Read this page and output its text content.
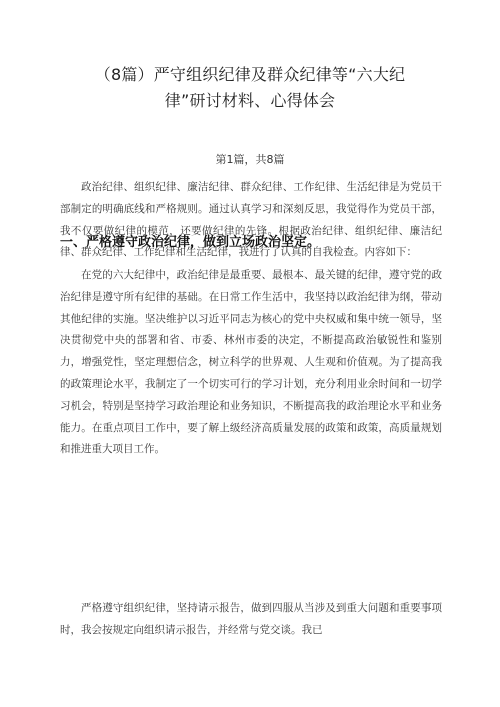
（8篇）严守组织纪律及群众纪律等“六大纪律”研讨材料、心得体会
第1篇，共8篇
政治纪律、组织纪律、廉洁纪律、群众纪律、工作纪律、生活纪律是为党员干部制定的明确底线和严格规则。通过认真学习和深刻反思，我觉得作为党员干部，我不仅要做纪律的模范，还要做纪律的先锋。根据政治纪律、组织纪律、廉洁纪律、群众纪律、工作纪律和生活纪律，我进行了认真的自我检查。内容如下：
一、严格遵守政治纪律，做到立场政治坚定。
在党的六大纪律中，政治纪律是最重要、最根本、最关键的纪律，遵守党的政治纪律是遵守所有纪律的基础。在日常工作生活中，我坚持以政治纪律为纲，带动其他纪律的实施。坚决维护以习近平同志为核心的党中央权威和集中统一领导，坚决贯彻党中央的部署和省、市委、林州市委的决定，不断提高政治敏锐性和鉴别力，增强党性，坚定理想信念，树立科学的世界观、人生观和价值观。为了提高我的政策理论水平，我制定了一个切实可行的学习计划，充分利用业余时间和一切学习机会，特别是坚持学习政治理论和业务知识，不断提高我的政治理论水平和业务能力。在重点项目工作中，要了解上级经济高质量发展的政策和政策，高质量规划和推进重大项目工作。
严格遵守组织纪律，坚持请示报告，做到四服从当涉及到重大问题和重要事项时，我会按规定向组织请示报告，并经常与党交谈。我已
